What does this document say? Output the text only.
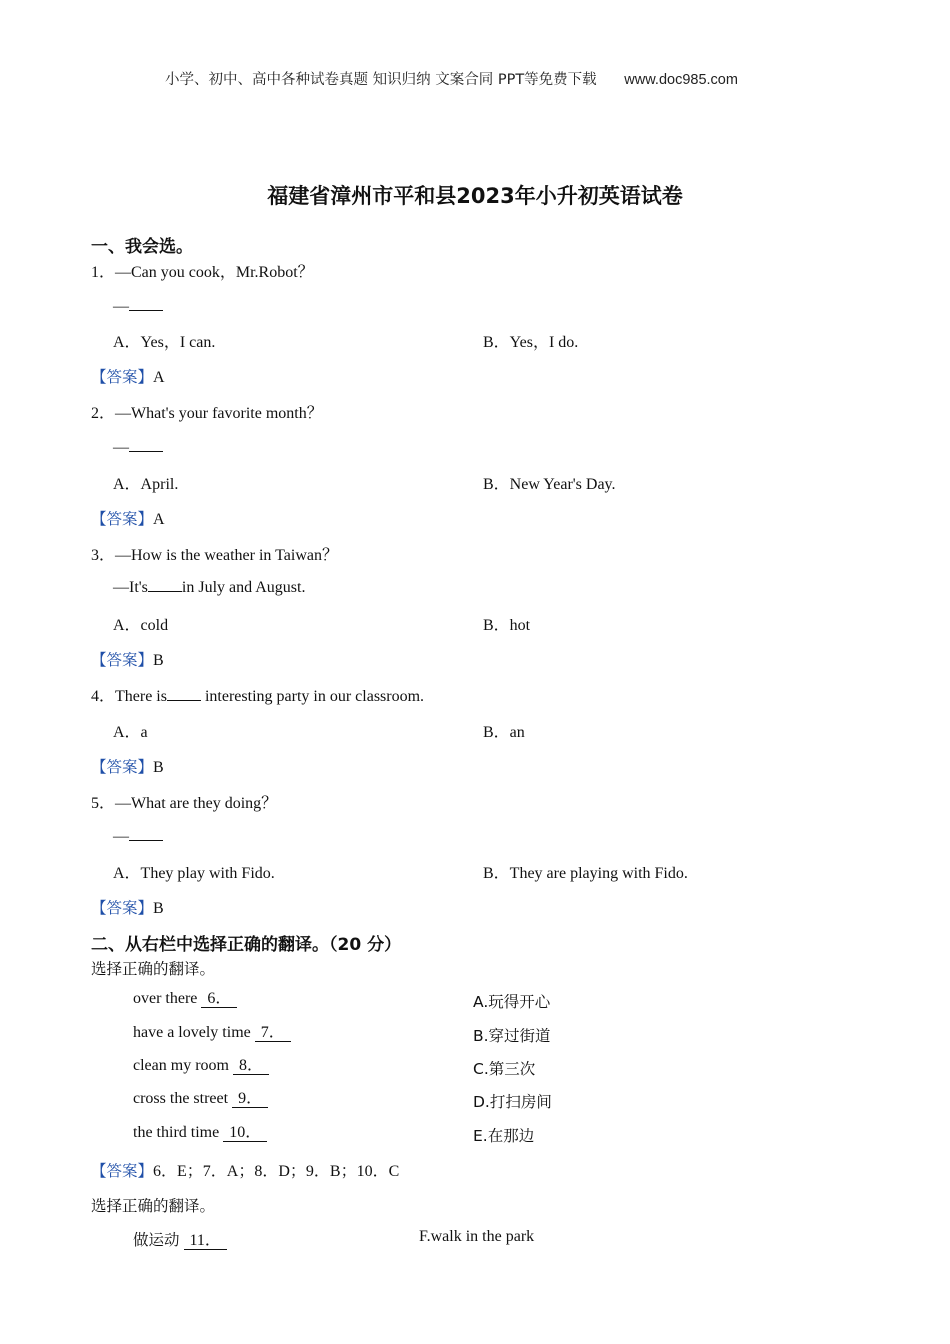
小学、初中、高中各种试卷真题 知识归纳 文案合同 PPT等免费下载 www.doc985.com
福建省漳州市平和县2023年小升初英语试卷
一、我会选。
1．—Can you cook，Mr.Robot？
—
A．Yes，I can.	B．Yes，I do.
【答案】A
2．—What's your favorite month？
—
A．April.	B．New Year's Day.
【答案】A
3．—How is the weather in Taiwan？
—It's in July and August.
A．cold	B．hot
【答案】B
4．There is interesting party in our classroom.
A．a	B．an
【答案】B
5．—What are they doing？
—
A．They play with Fido.	B．They are playing with Fido.
【答案】B
二、从右栏中选择正确的翻译。（20 分）
选择正确的翻译。
over there 6．	A.玩得开心
have a lovely time 7．	B.穿过街道
clean my room 8．	C.第三次
cross the street 9．	D.打扫房间
the third time 10．	E.在那边
【答案】6．E；7．A；8．D；9．B；10．C
选择正确的翻译。
做运动 11．	F.walk in the park
